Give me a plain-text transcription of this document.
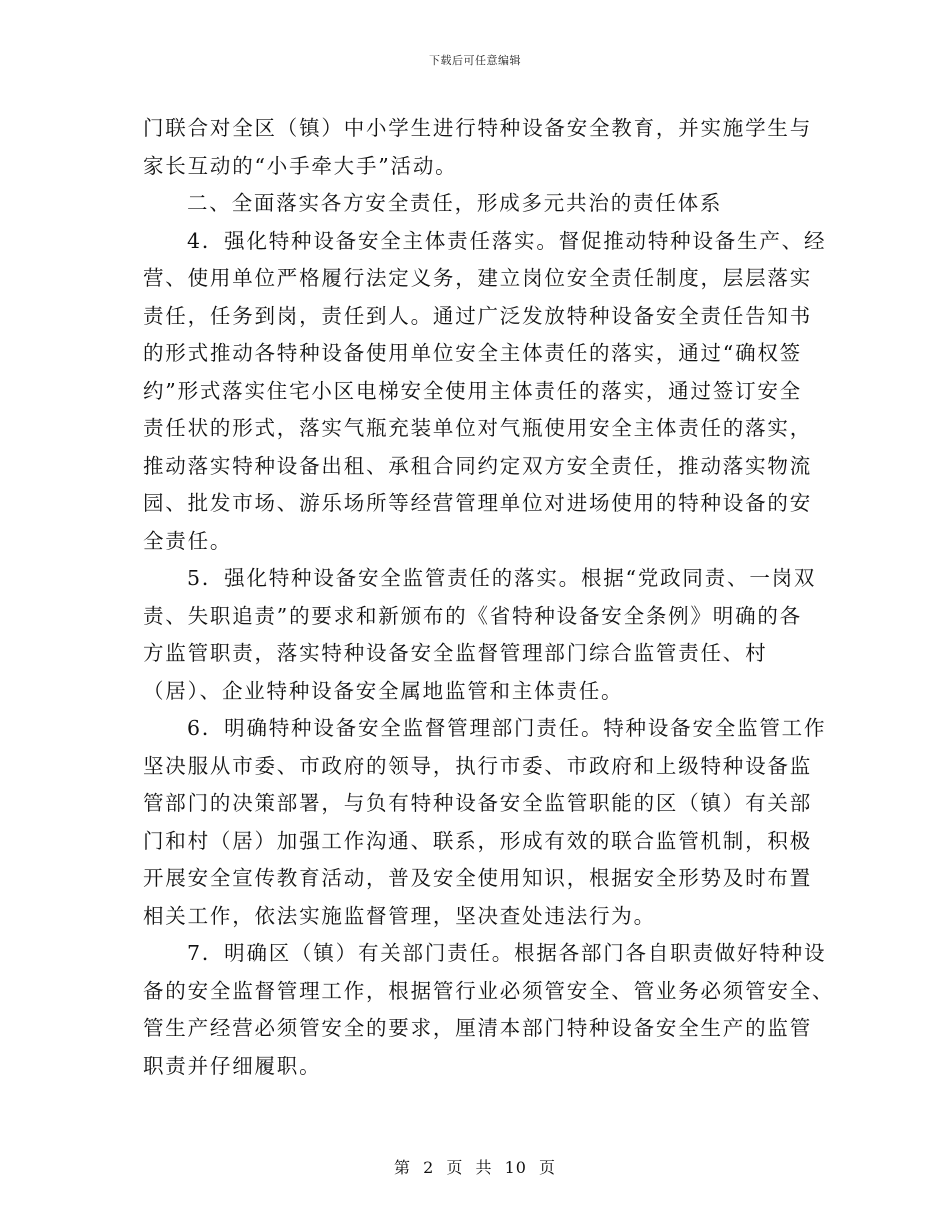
下载后可任意编辑
门联合对全区（镇）中小学生进行特种设备安全教育，并实施学生与
家长互动的“小手牵大手”活动。
二、全面落实各方安全责任，形成多元共治的责任体系
4．强化特种设备安全主体责任落实。督促推动特种设备生产、经
营、使用单位严格履行法定义务，建立岗位安全责任制度，层层落实
责任，任务到岗，责任到人。通过广泛发放特种设备安全责任告知书
的形式推动各特种设备使用单位安全主体责任的落实，通过“确权签
约”形式落实住宅小区电梯安全使用主体责任的落实，通过签订安全
责任状的形式，落实气瓶充装单位对气瓶使用安全主体责任的落实，
推动落实特种设备出租、承租合同约定双方安全责任，推动落实物流
园、批发市场、游乐场所等经营管理单位对进场使用的特种设备的安
全责任。
5．强化特种设备安全监管责任的落实。根据“党政同责、一岗双
责、失职追责”的要求和新颁布的《省特种设备安全条例》明确的各
方监管职责，落实特种设备安全监督管理部门综合监管责任、村
（居）、企业特种设备安全属地监管和主体责任。
6．明确特种设备安全监督管理部门责任。特种设备安全监管工作
坚决服从市委、市政府的领导，执行市委、市政府和上级特种设备监
管部门的决策部署，与负有特种设备安全监管职能的区（镇）有关部
门和村（居）加强工作沟通、联系，形成有效的联合监管机制，积极
开展安全宣传教育活动，普及安全使用知识，根据安全形势及时布置
相关工作，依法实施监督管理，坚决查处违法行为。
7．明确区（镇）有关部门责任。根据各部门各自职责做好特种设
备的安全监督管理工作，根据管行业必须管安全、管业务必须管安全、
管生产经营必须管安全的要求，厘清本部门特种设备安全生产的监管
职责并仔细履职。
第 2 页 共 10 页
